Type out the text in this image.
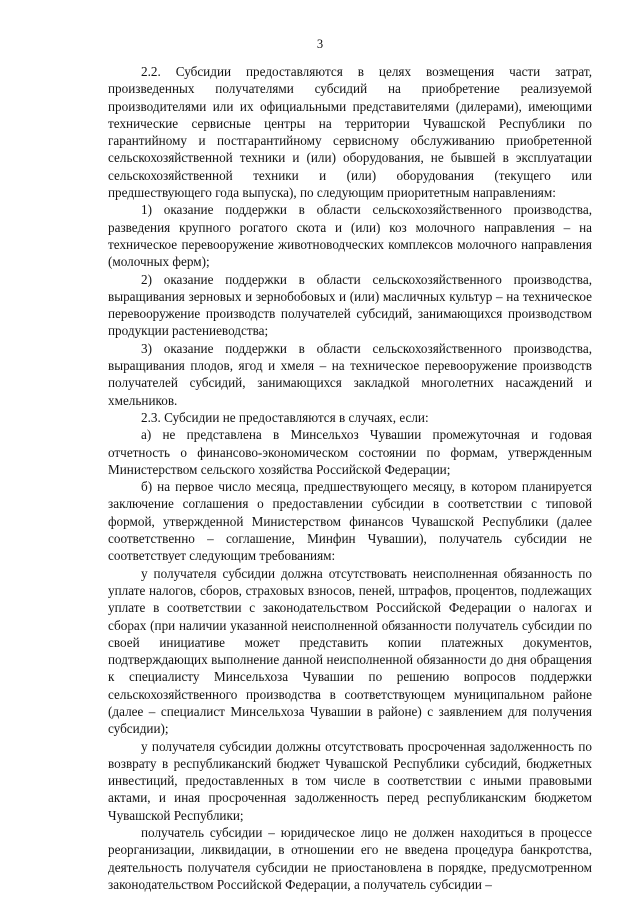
3

2.2. Субсидии предоставляются в целях возмещения части затрат, произведенных получателями субсидий на приобретение реализуемой производителями или их официальными представителями (дилерами), имеющими технические сервисные центры на территории Чувашской Республики по гарантийному и постгарантийному сервисному обслуживанию приобретенной сельскохозяйственной техники и (или) оборудования, не бывшей в эксплуатации сельскохозяйственной техники и (или) оборудования (текущего или предшествующего года выпуска), по следующим приоритетным направлениям:

1) оказание поддержки в области сельскохозяйственного производства, разведения крупного рогатого скота и (или) коз молочного направления – на техническое перевооружение животноводческих комплексов молочного направления (молочных ферм);

2) оказание поддержки в области сельскохозяйственного производства, выращивания зерновых и зернобобовых и (или) масличных культур – на техническое перевооружение производств получателей субсидий, занимающихся производством продукции растениеводства;

3) оказание поддержки в области сельскохозяйственного производства, выращивания плодов, ягод и хмеля – на техническое перевооружение производств получателей субсидий, занимающихся закладкой многолетних насаждений и хмельников.

2.3. Субсидии не предоставляются в случаях, если:

а) не представлена в Минсельхоз Чувашии промежуточная и годовая отчетность о финансово-экономическом состоянии по формам, утвержденным Министерством сельского хозяйства Российской Федерации;

б) на первое число месяца, предшествующего месяцу, в котором планируется заключение соглашения о предоставлении субсидии в соответствии с типовой формой, утвержденной Министерством финансов Чувашской Республики (далее соответственно – соглашение, Минфин Чувашии), получатель субсидии не соответствует следующим требованиям:

у получателя субсидии должна отсутствовать неисполненная обязанность по уплате налогов, сборов, страховых взносов, пеней, штрафов, процентов, подлежащих уплате в соответствии с законодательством Российской Федерации о налогах и сборах (при наличии указанной неисполненной обязанности получатель субсидии по своей инициативе может представить копии платежных документов, подтверждающих выполнение данной неисполненной обязанности до дня обращения к специалисту Минсельхоза Чувашии по решению вопросов поддержки сельскохозяйственного производства в соответствующем муниципальном районе (далее – специалист Минсельхоза Чувашии в районе) с заявлением для получения субсидии);

у получателя субсидии должны отсутствовать просроченная задолженность по возврату в республиканский бюджет Чувашской Республики субсидий, бюджетных инвестиций, предоставленных в том числе в соответствии с иными правовыми актами, и иная просроченная задолженность перед республиканским бюджетом Чувашской Республики;

получатель субсидии – юридическое лицо не должен находиться в процессе реорганизации, ликвидации, в отношении его не введена процедура банкротства, деятельность получателя субсидии не приостановлена в порядке, предусмотренном законодательством Российской Федерации, а получатель субсидии –
